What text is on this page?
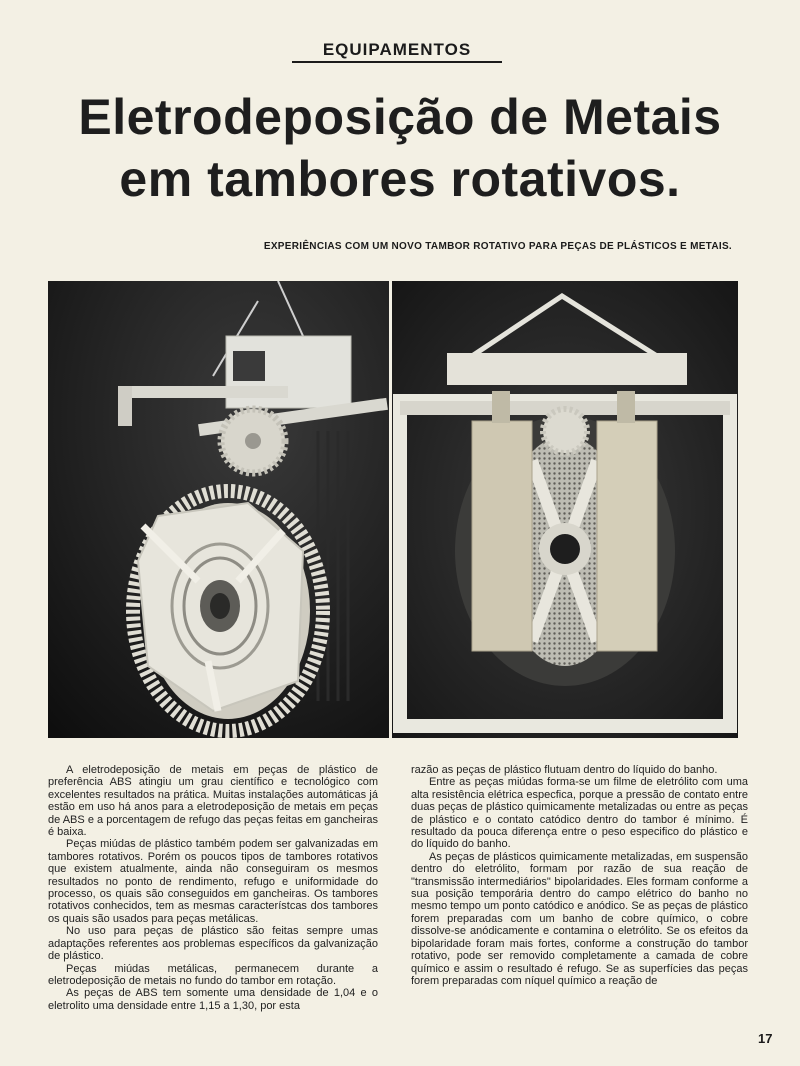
EQUIPAMENTOS
Eletrodeposição de Metais
em tambores rotativos.

EXPERIÊNCIAS COM UM NOVO TAMBOR ROTATIVO PARA PEÇAS DE PLÁSTICOS E METAIS.

A eletrodeposição de metais em peças de plástico de preferência ABS atingiu um grau científico e tecnológico com excelentes resultados na prática. Muitas instalações automáticas já estão em uso há anos para a eletrodeposição de metais em peças de ABS e a porcentagem de refugo das peças feitas em gancheiras é baixa.

Peças miúdas de plástico também podem ser galvanizadas em tambores rotativos. Porém os poucos tipos de tambores rotativos que existem atualmente, ainda não conseguiram os mesmos resultados no ponto de rendimento, refugo e uniformidade do processo, os quais são conseguidos em gancheiras. Os tambores rotativos conhecidos, tem as mesmas característcas dos tambores os quais são usados para peças metálicas.

No uso para peças de plástico são feitas sempre umas adaptações referentes aos problemas específicos da galvanização de plástico.

Peças miúdas metálicas, permanecem durante a eletrodeposição de metais no fundo do tambor em rotação.

As peças de ABS tem somente uma densidade de 1,04 e o eletrolito uma densidade entre 1,15 a 1,30, por esta

razão as peças de plástico flutuam dentro do líquido do banho.

Entre as peças miúdas forma-se um filme de eletrólito com uma alta resistência elétrica especfica, porque a pressão de contato entre duas peças de plástico quimicamente metalizadas ou entre as peças de plástico e o contato catódico dentro do tambor é mínimo. É resultado da pouca diferença entre o peso especifico do plástico e do líquido do banho.

As peças de plásticos quimicamente metalizadas, em suspensão dentro do eletrólito, formam por razão de sua reação de "transmissão intermediários" bipolaridades. Eles formam conforme a sua posição temporária dentro do campo elétrico do banho no mesmo tempo um ponto catódico e anódico. Se as peças de plástico forem preparadas com um banho de cobre químico, o cobre dissolve-se anódicamente e contamina o eletrólito. Se os efeitos da bipolaridade foram mais fortes, conforme a construção do tambor rotativo, pode ser removido completamente a camada de cobre químico e assim o resultado é refugo. Se as superfícies das peças forem preparadas com níquel químico a reação de

17
